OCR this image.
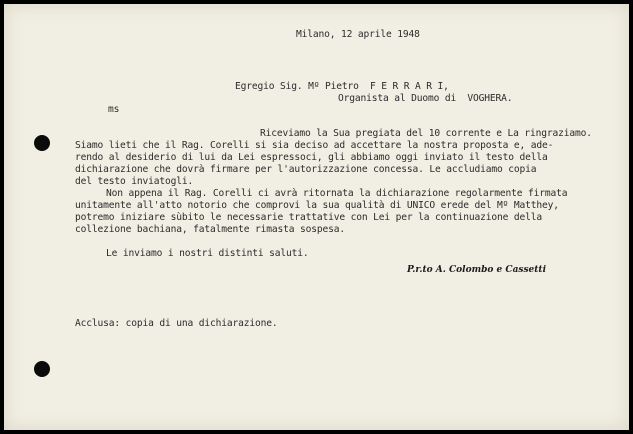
Milano, 12 aprile 1948
Egregio Sig. Mº Pietro  F E R R A R I,
Organista al Duomo di  VOGHERA.
ms
Riceviamo la Sua pregiata del 10 corrente e La ringraziamo.
Siamo lieti che il Rag. Corelli si sia deciso ad accettare la nostra proposta e, ade-
rendo al desiderio di lui da Lei espressoci, gli abbiamo oggi inviato il testo della
dichiarazione che dovrà firmare per l'autorizzazione concessa. Le accludiamo copia
del testo inviatogli.
Non appena il Rag. Corelli ci avrà ritornata la dichiarazione regolarmente firmata
unitamente all'atto notorio che comprovi la sua qualità di UNICO erede del Mº Matthey,
potremo iniziare sùbito le necessarie trattative con Lei per la continuazione della
collezione bachiana, fatalmente rimasta sospesa.
Le inviamo i nostri distinti saluti.
P.r.to A. Colombo e Cassetti
Acclusa: copia di una dichiarazione.
